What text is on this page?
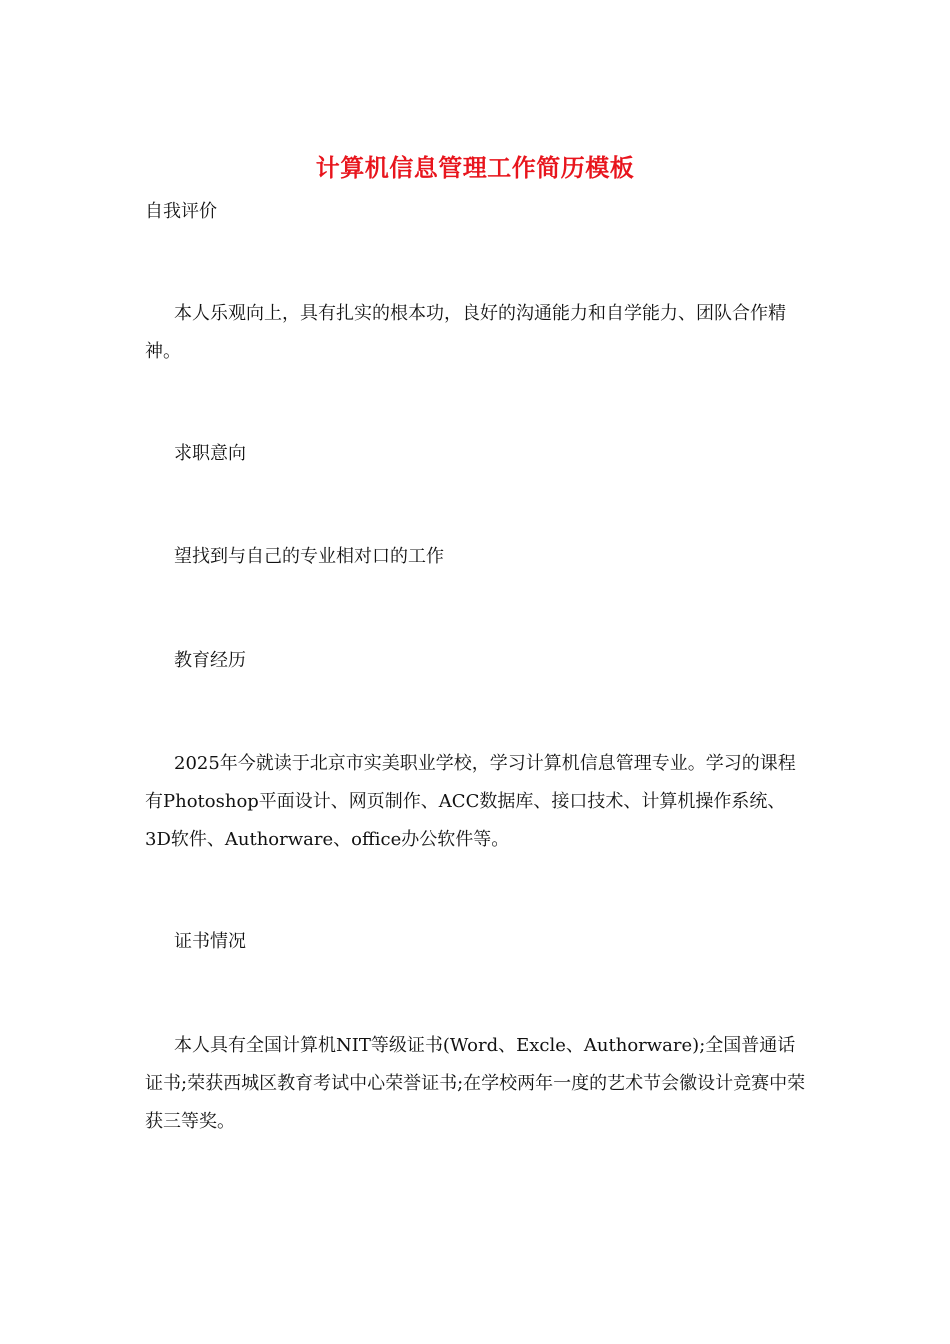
计算机信息管理工作简历模板

自我评价

本人乐观向上，具有扎实的根本功，良好的沟通能力和自学能力、团队合作精神。

求职意向

望找到与自己的专业相对口的工作

教育经历

2025年今就读于北京市实美职业学校，学习计算机信息管理专业。学习的课程有Photoshop平面设计、网页制作、ACC数据库、接口技术、计算机操作系统、 3D软件、Authorware、office办公软件等。

证书情况

本人具有全国计算机NIT等级证书(Word、Excle、Authorware);全国普通话证书;荣获西城区教育考试中心荣誉证书;在学校两年一度的艺术节会徽设计竞赛中荣获三等奖。
